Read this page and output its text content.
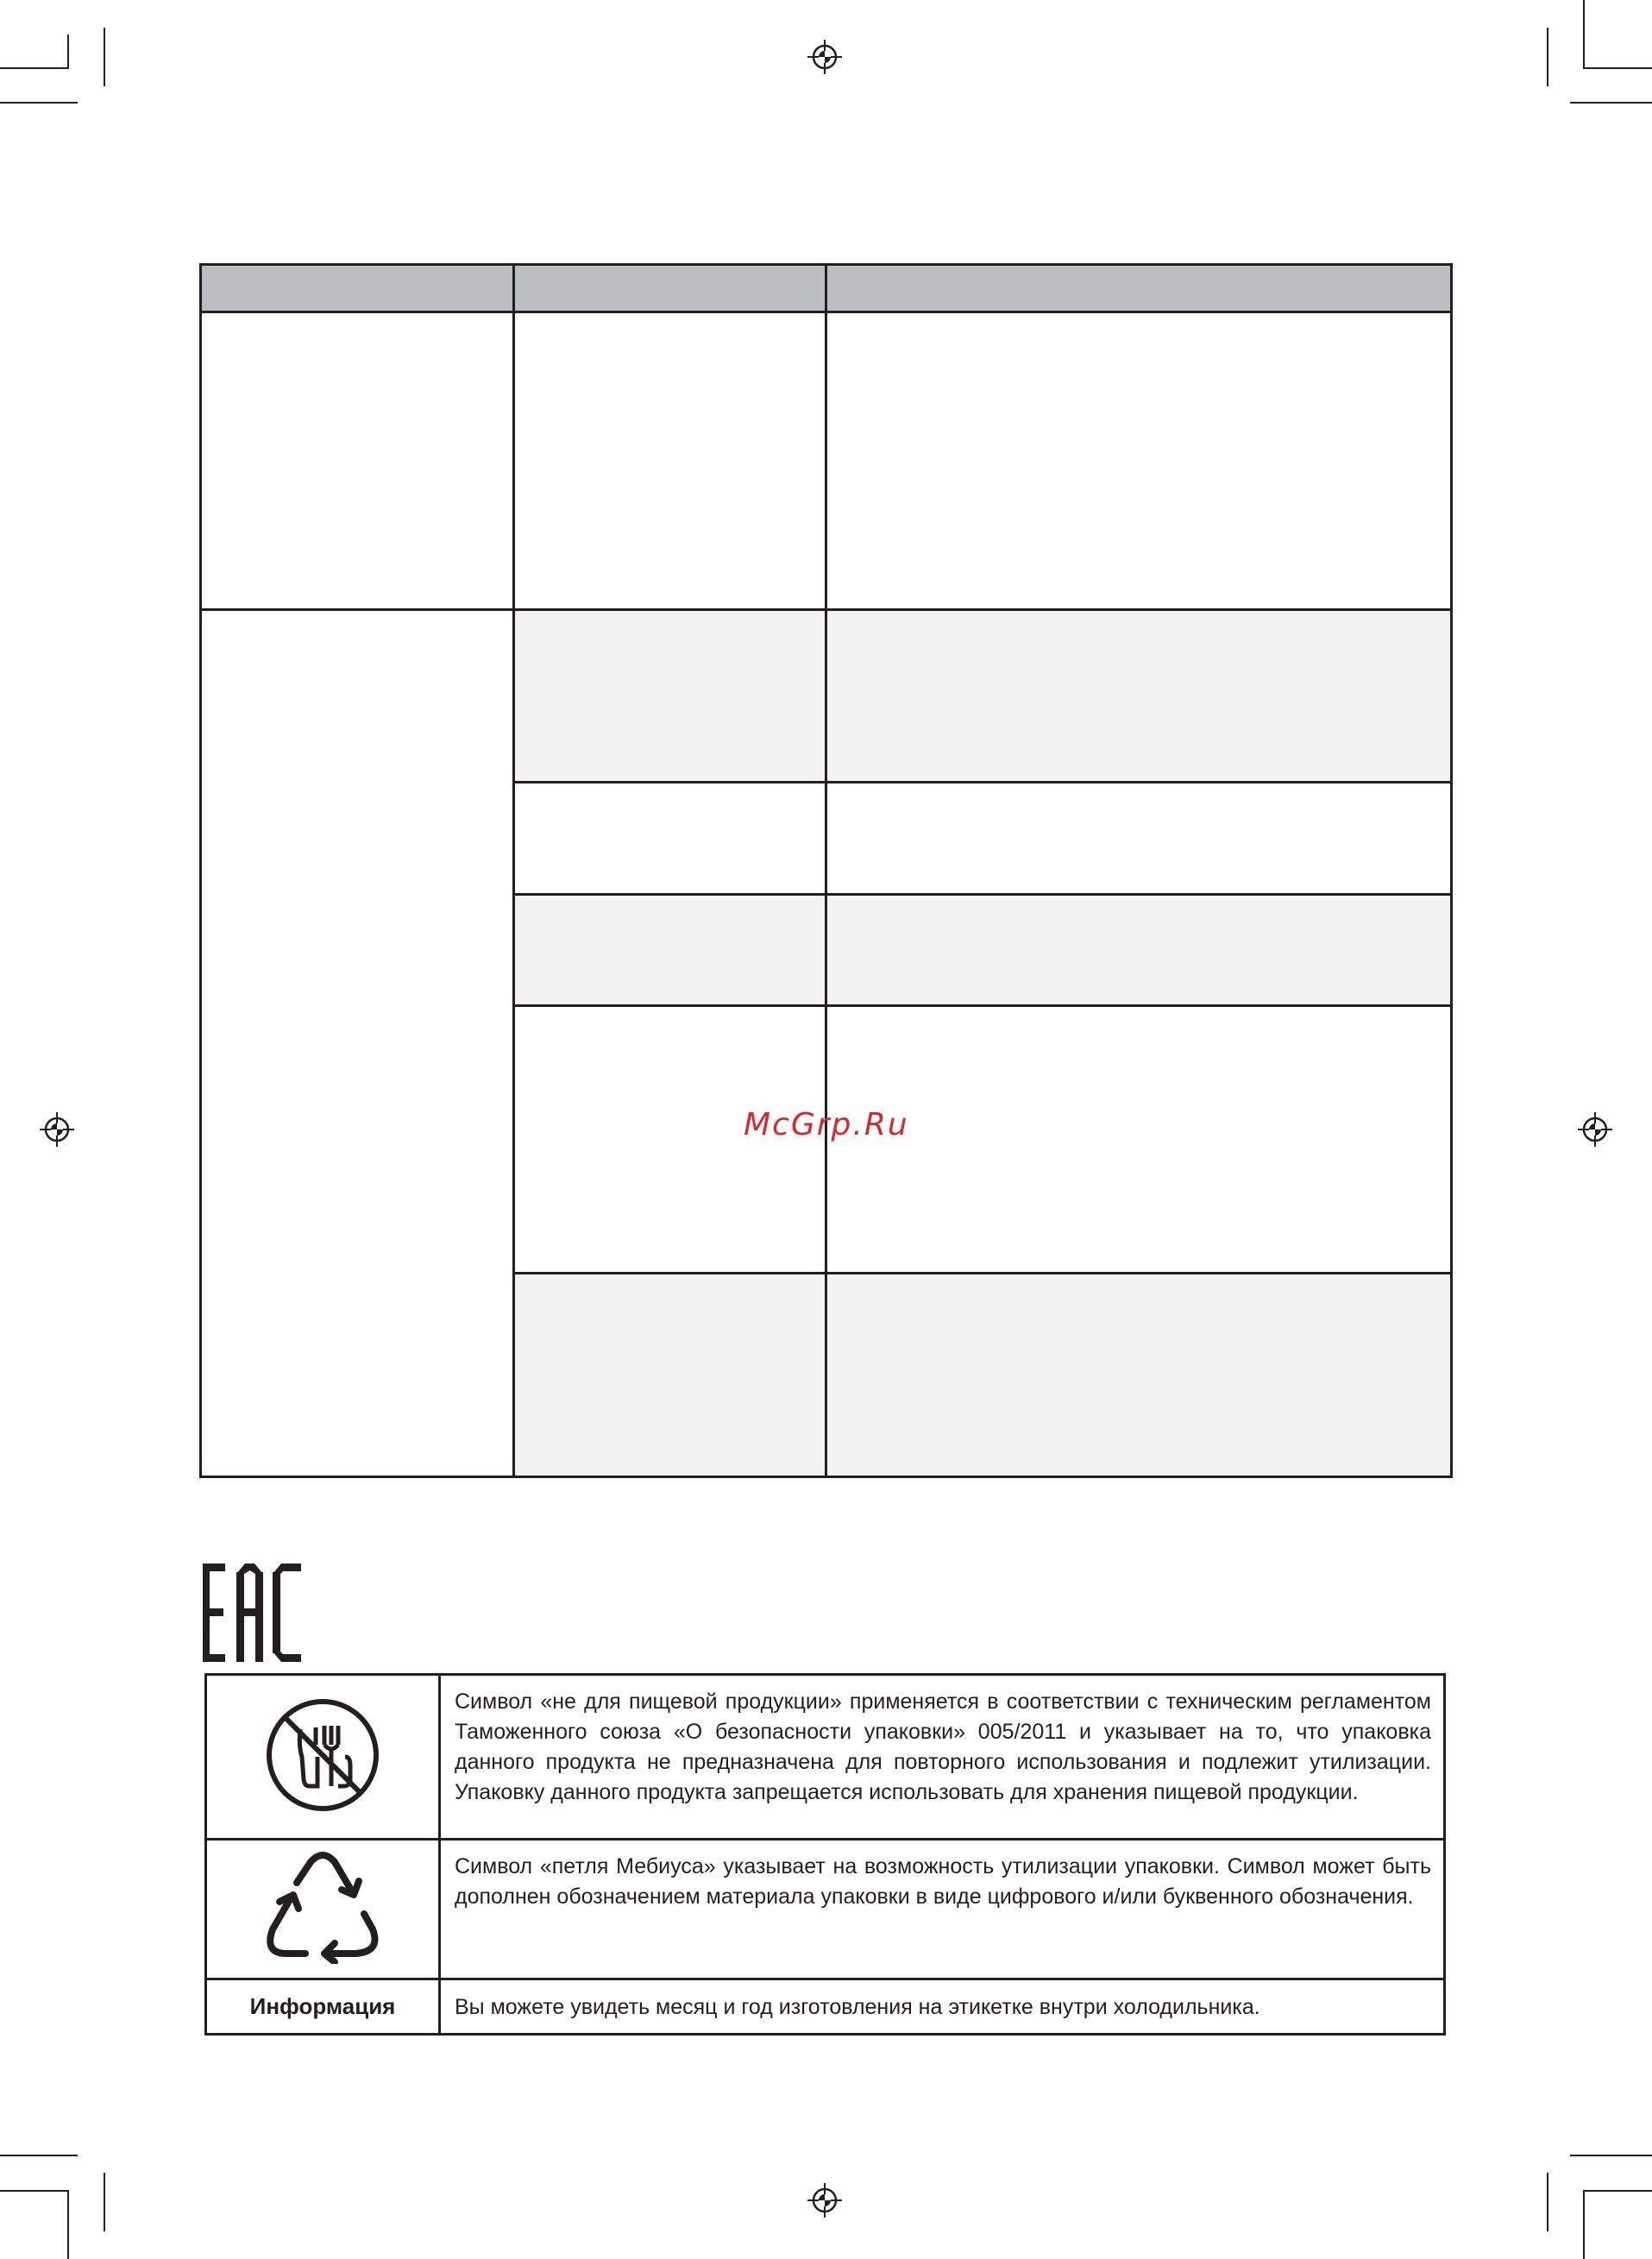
McGrp.Ru

Символ «не для пищевой продукции» применяется в соответствии с техническим регламентом Таможенного союза «О безопасности упаковки» 005/2011 и указывает на то, что упаковка данного продукта не предназначена для повторного использования и подлежит утилизации. Упаковку данного продукта запрещается использовать для хранения пищевой продукции.

Символ «петля Мебиуса» указывает на возможность утилизации упаковки. Символ может быть дополнен обозначением материала упаковки в виде цифрового и/или буквенного обозначения.

Информация	Вы можете увидеть месяц и год изготовления на этикетке внутри холодильника.
